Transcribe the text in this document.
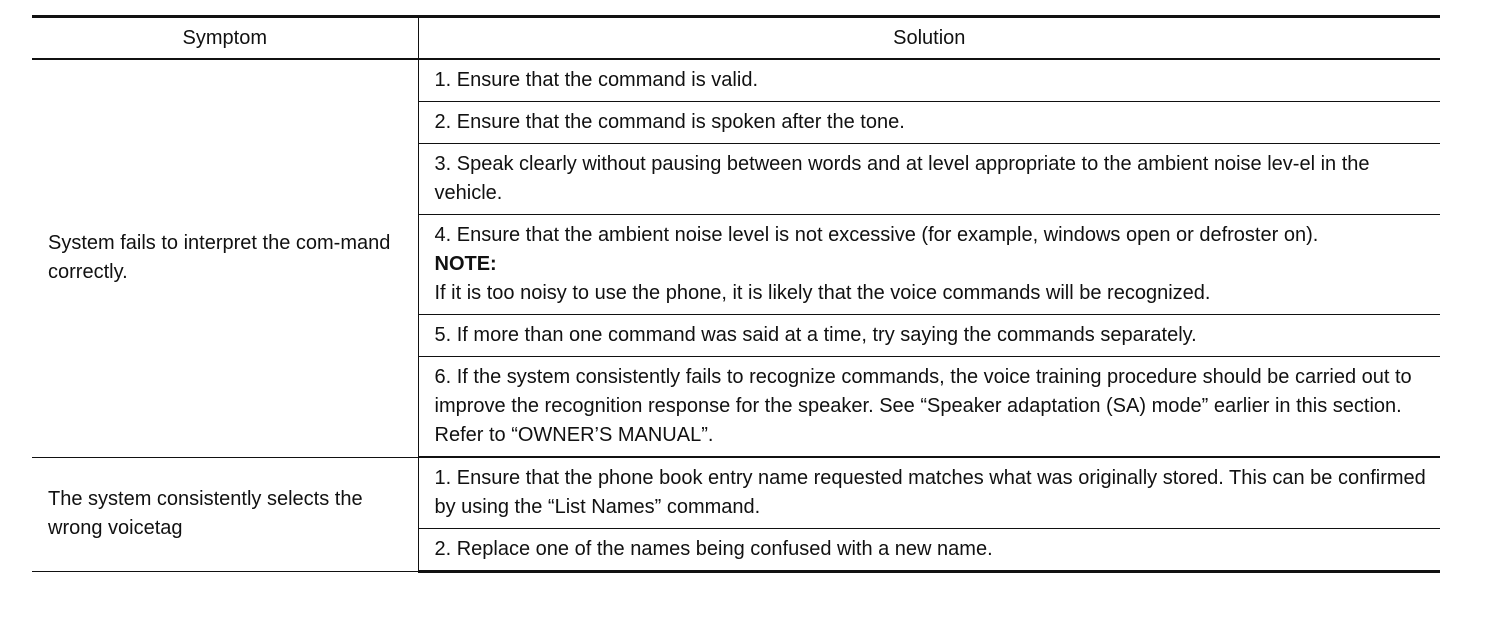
Symptom	Solution
System fails to interpret the com-mand correctly.	1. Ensure that the command is valid.
	2. Ensure that the command is spoken after the tone.
	3. Speak clearly without pausing between words and at level appropriate to the ambient noise lev-el in the vehicle.

	4. Ensure that the ambient noise level is not excessive (for example, windows open or defroster on).
NOTE:
If it is too noisy to use the phone, it is likely that the voice commands will be recognized.

	5. If more than one command was said at a time, try saying the commands separately.
	6. If the system consistently fails to recognize commands, the voice training procedure should be carried out to improve the recognition response for the speaker. See “Speaker adaptation (SA) mode” earlier in this section. Refer to “OWNER’S MANUAL”.
The system consistently selects the wrong voicetag	1. Ensure that the phone book entry name requested matches what was originally stored. This can be confirmed by using the “List Names” command.
	2. Replace one of the names being confused with a new name.
